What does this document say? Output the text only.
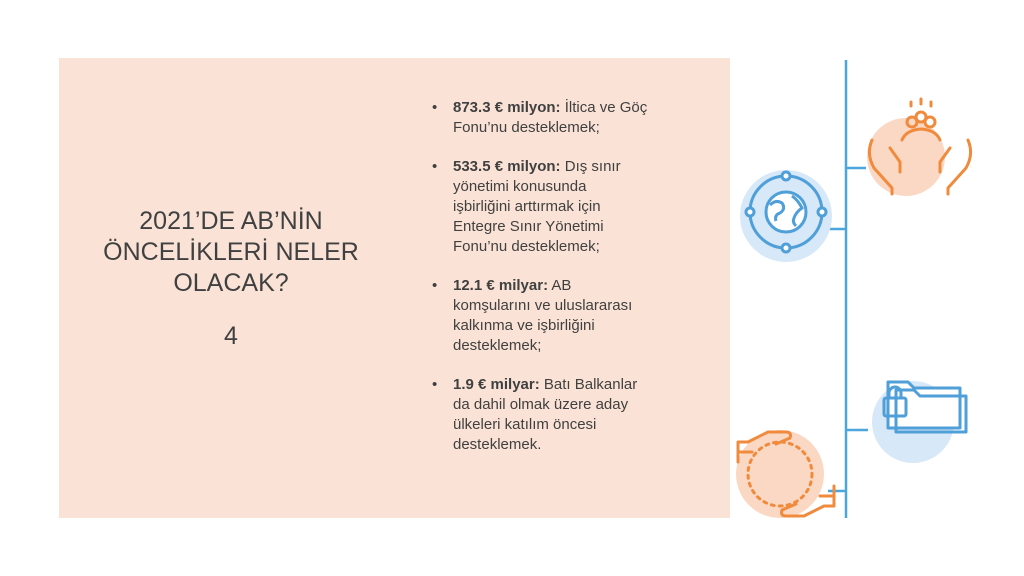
2021’DE AB’NİN
ÖNCELİKLERİ NELER
OLACAK?
4
• 873.3 € milyon: İltica ve Göç
Fonu’nu desteklemek;
• 533.5 € milyon: Dış sınır
yönetimi konusunda
işbirliğini arttırmak için
Entegre Sınır Yönetimi
Fonu’nu desteklemek;
• 12.1 € milyar: AB
komşularını ve uluslararası
kalkınma ve işbirliğini
desteklemek;
• 1.9 € milyar: Batı Balkanlar
da dahil olmak üzere aday
ülkeleri katılım öncesi
desteklemek.
